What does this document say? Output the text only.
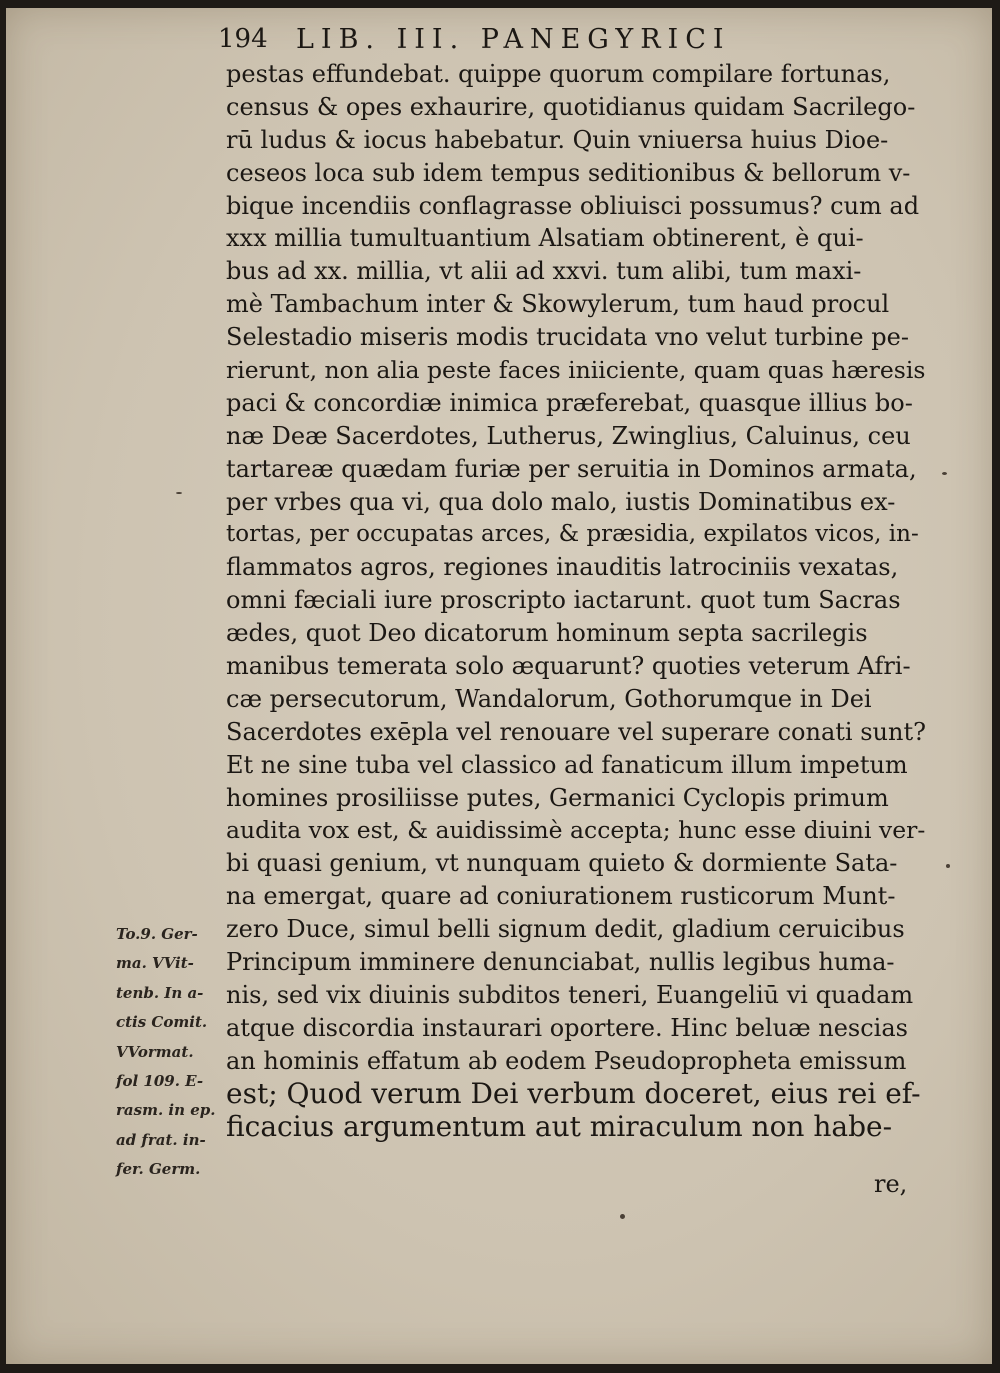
194 LIB. III. PANEGYRICI
pestas effundebat. quippe quorum compilare fortunas,
census & opes exhaurire, quotidianus quidam Sacrilego-
rū ludus & iocus habebatur. Quin vniuersa huius Dioe-
ceseos loca sub idem tempus seditionibus & bellorum v-
bique incendiis conflagrasse obliuisci possumus? cum ad
xxx millia tumultuantium Alsatiam obtinerent, è qui-
bus ad xx. millia, vt alii ad xxvi. tum alibi, tum maxi-
mè Tambachum inter & Skowylerum, tum haud procul
Selestadio miseris modis trucidata vno velut turbine pe-
rierunt, non alia peste faces iniiciente, quam quas hæresis
paci & concordiæ inimica præferebat, quasque illius bo-
næ Deæ Sacerdotes, Lutherus, Zwinglius, Caluinus, ceu
tartareæ quædam furiæ per seruitia in Dominos armata,
per vrbes qua vi, qua dolo malo, iustis Dominatibus ex-
tortas, per occupatas arces, & præsidia, expilatos vicos, in-
flammatos agros, regiones inauditis latrociniis vexatas,
omni fæciali iure proscripto iactarunt. quot tum Sacras
ædes, quot Deo dicatorum hominum septa sacrilegis
manibus temerata solo æquarunt? quoties veterum Afri-
cæ persecutorum, Wandalorum, Gothorumque in Dei
Sacerdotes exēpla vel renouare vel superare conati sunt?
Et ne sine tuba vel classico ad fanaticum illum impetum
homines prosiliisse putes, Germanici Cyclopis primum
audita vox est, & auidissimè accepta; hunc esse diuini ver-
bi quasi genium, vt nunquam quieto & dormiente Sata-
na emergat, quare ad coniurationem rusticorum Munt-
zero Duce, simul belli signum dedit, gladium ceruicibus
Principum imminere denunciabat, nullis legibus huma-
nis, sed vix diuinis subditos teneri, Euangeliū vi quadam
atque discordia instaurari oportere. Hinc beluæ nescias
an hominis effatum ab eodem Pseudopropheta emissum
est; Quod verum Dei verbum doceret, eius rei ef-
ficacius argumentum aut miraculum non habe-
re,
To.9. Ger-
ma. VVit-
tenb. In a-
ctis Comit.
VVormat.
fol 109. E-
rasm. in ep.
ad frat. in-
fer. Germ.
